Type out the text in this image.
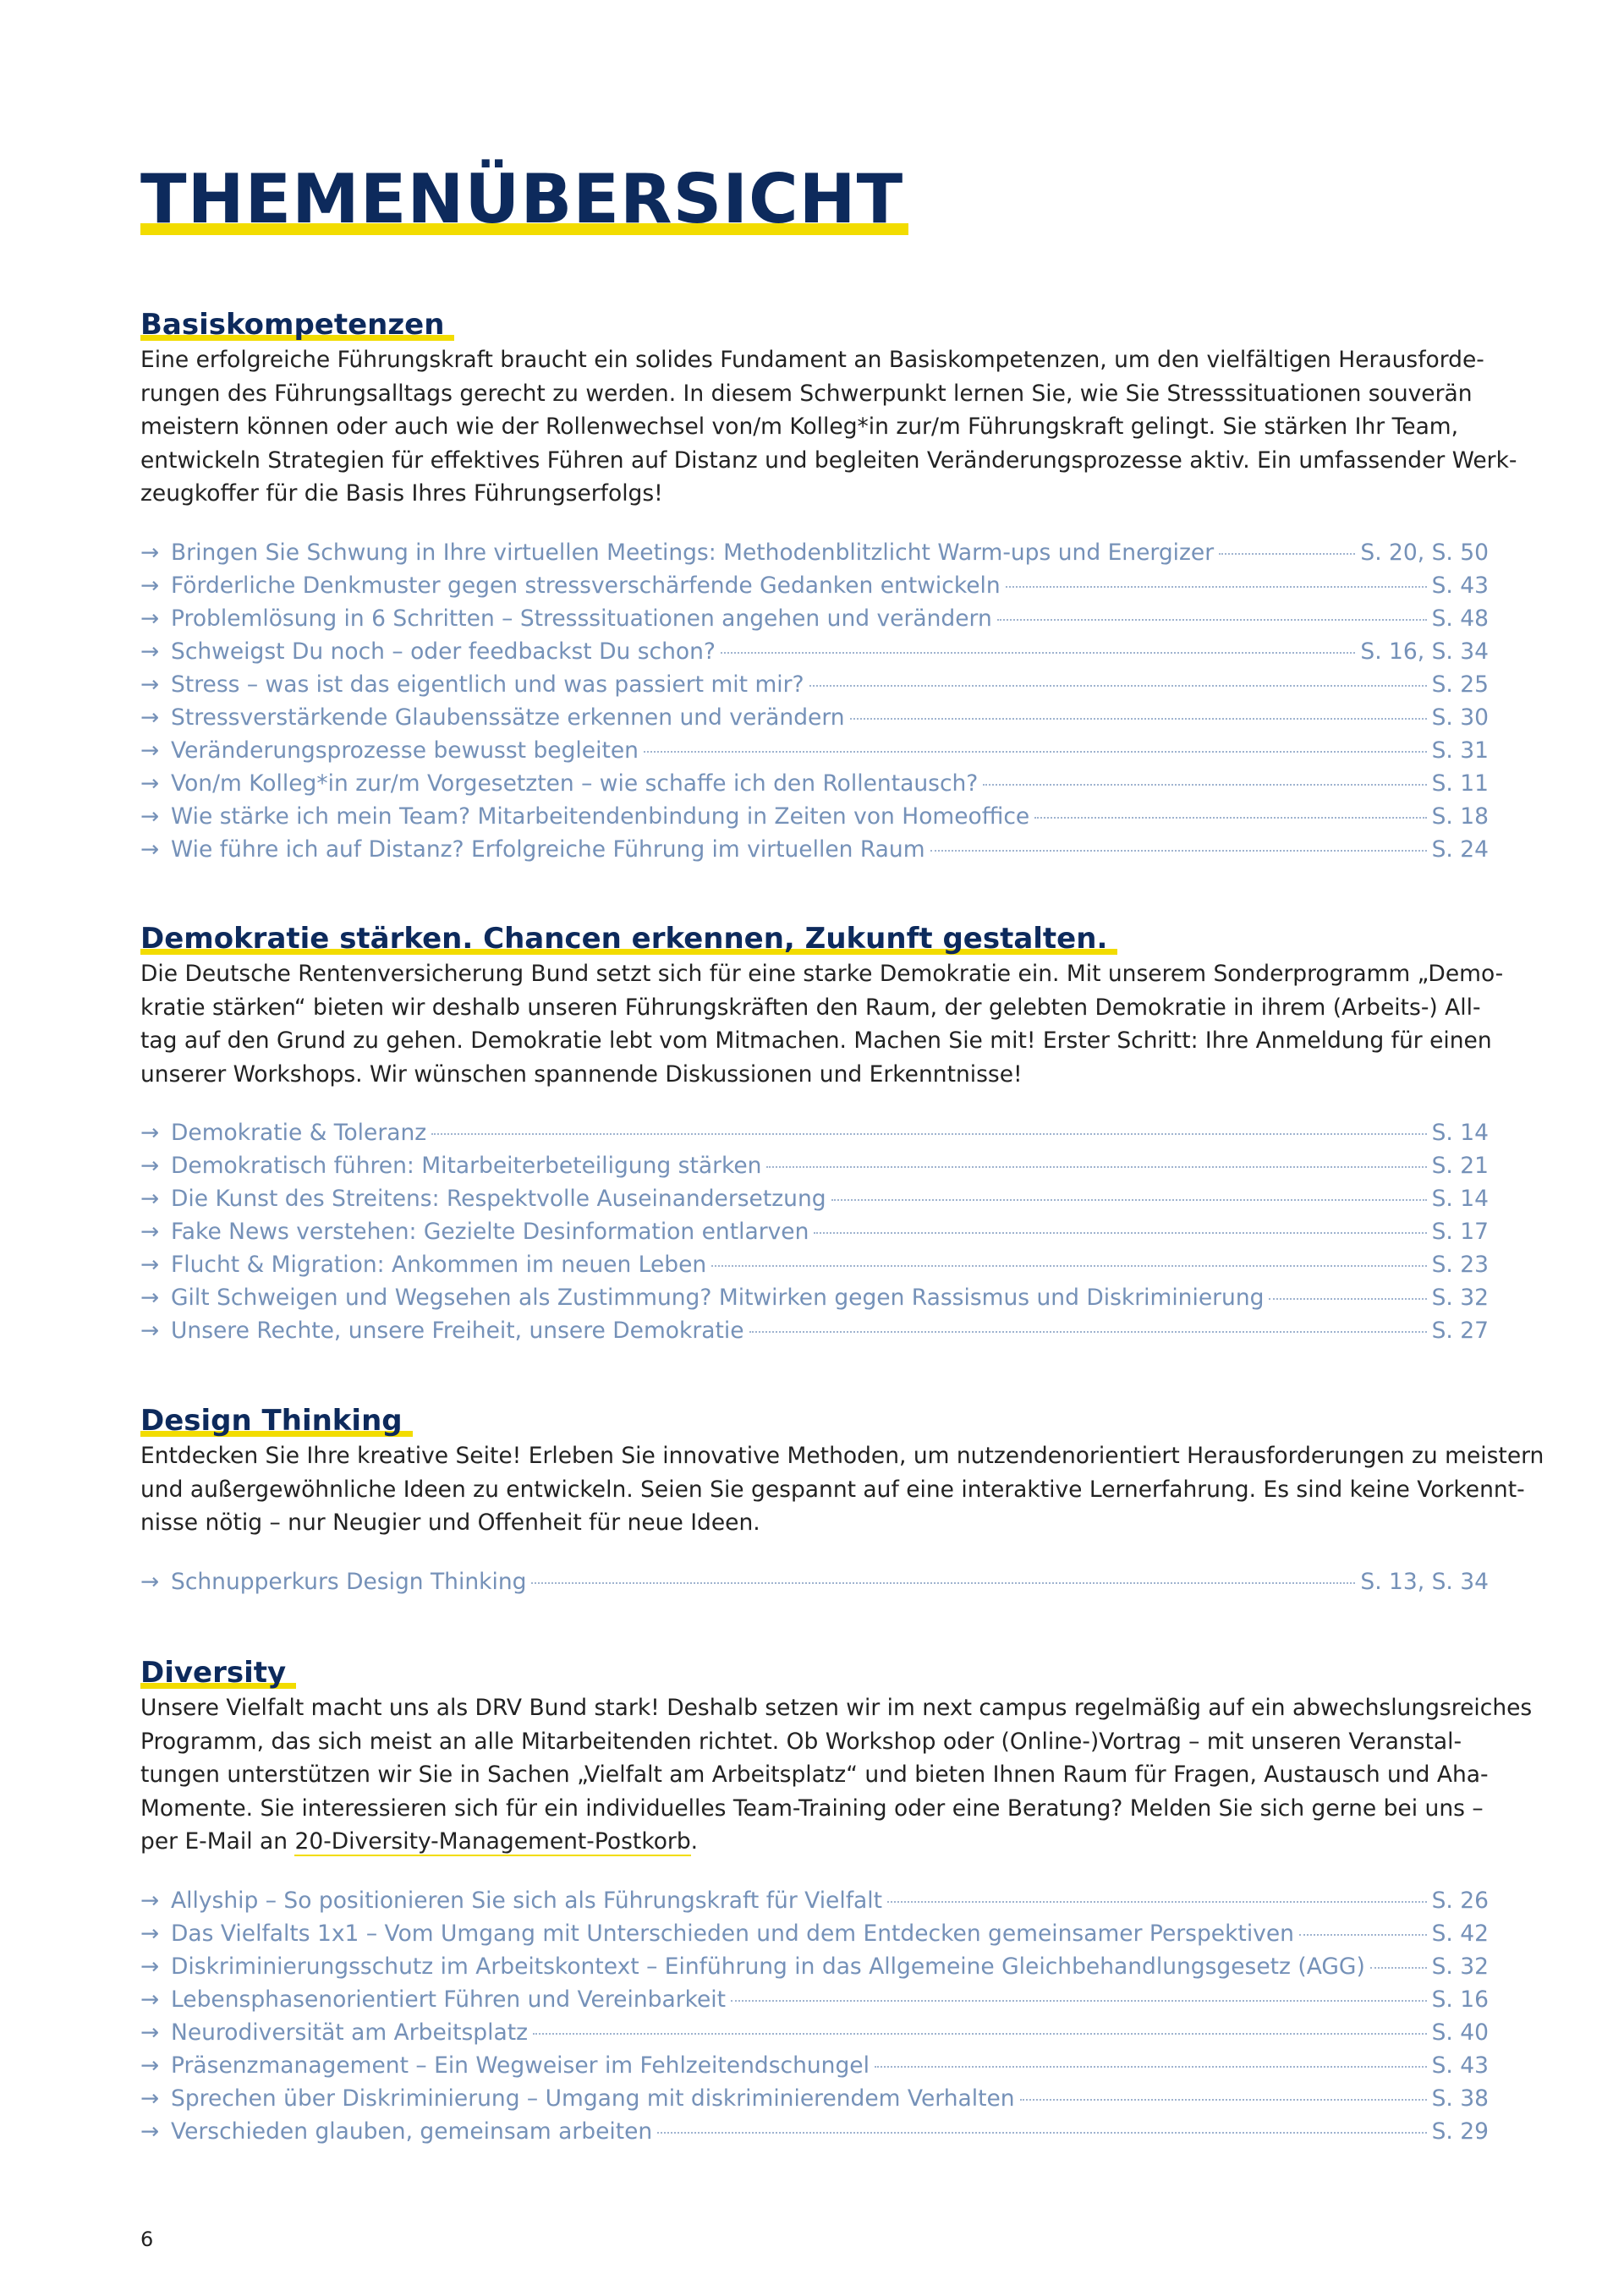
THEMENÜBERSICHT
Basiskompetenzen

Eine erfolgreiche Führungskraft braucht ein solides Fundament an Basiskompetenzen, um den vielfältigen Herausforde-
rungen des Führungsalltags gerecht zu werden. In diesem Schwerpunkt lernen Sie, wie Sie Stresssituationen souverän
meistern können oder auch wie der Rollenwechsel von/m Kolleg*in zur/m Führungskraft gelingt. Sie stärken Ihr Team,
entwickeln Strategien für effektives Führen auf Distanz und begleiten Veränderungsprozesse aktiv. Ein umfassender Werk-
zeugkoffer für die Basis Ihres Führungserfolgs!

→ Bringen Sie Schwung in Ihre virtuellen Meetings: Methodenblitzlicht Warm-ups und Energizer	S. 20, S. 50
→ Förderliche Denkmuster gegen stressverschärfende Gedanken entwickeln	S. 43
→ Problemlösung in 6 Schritten – Stresssituationen angehen und verändern	S. 48
→ Schweigst Du noch – oder feedbackst Du schon?	S. 16, S. 34
→ Stress – was ist das eigentlich und was passiert mit mir?	S. 25
→ Stressverstärkende Glaubenssätze erkennen und verändern	S. 30
→ Veränderungsprozesse bewusst begleiten	S. 31
→ Von/m Kolleg*in zur/m Vorgesetzten – wie schaffe ich den Rollentausch?	S. 11
→ Wie stärke ich mein Team? Mitarbeitendenbindung in Zeiten von Homeoffice	S. 18
→ Wie führe ich auf Distanz? Erfolgreiche Führung im virtuellen Raum	S. 24
Demokratie stärken. Chancen erkennen, Zukunft gestalten.

Die Deutsche Rentenversicherung Bund setzt sich für eine starke Demokratie ein. Mit unserem Sonderprogramm „Demo-
kratie stärken“ bieten wir deshalb unseren Führungskräften den Raum, der gelebten Demokratie in ihrem (Arbeits-) All-
tag auf den Grund zu gehen. Demokratie lebt vom Mitmachen. Machen Sie mit! Erster Schritt: Ihre Anmeldung für einen
unserer Workshops. Wir wünschen spannende Diskussionen und Erkenntnisse!

→ Demokratie & Toleranz	S. 14
→ Demokratisch führen: Mitarbeiterbeteiligung stärken	S. 21
→ Die Kunst des Streitens: Respektvolle Auseinandersetzung	S. 14
→ Fake News verstehen: Gezielte Desinformation entlarven	S. 17
→ Flucht & Migration: Ankommen im neuen Leben	S. 23
→ Gilt Schweigen und Wegsehen als Zustimmung? Mitwirken gegen Rassismus und Diskriminierung	S. 32
→ Unsere Rechte, unsere Freiheit, unsere Demokratie	S. 27
Design Thinking

Entdecken Sie Ihre kreative Seite! Erleben Sie innovative Methoden, um nutzendenorientiert Herausforderungen zu meistern
und außergewöhnliche Ideen zu entwickeln. Seien Sie gespannt auf eine interaktive Lernerfahrung. Es sind keine Vorkennt-
nisse nötig – nur Neugier und Offenheit für neue Ideen.

→ Schnupperkurs Design Thinking	S. 13, S. 34
Diversity

Unsere Vielfalt macht uns als DRV Bund stark! Deshalb setzen wir im next campus regelmäßig auf ein abwechslungsreiches
Programm, das sich meist an alle Mitarbeitenden richtet. Ob Workshop oder (Online-)Vortrag – mit unseren Veranstal-
tungen unterstützen wir Sie in Sachen „Vielfalt am Arbeitsplatz“ und bieten Ihnen Raum für Fragen, Austausch und Aha-
Momente. Sie interessieren sich für ein individuelles Team-Training oder eine Beratung? Melden Sie sich gerne bei uns –
per E-Mail an 20-Diversity-Management-Postkorb.

→ Allyship – So positionieren Sie sich als Führungskraft für Vielfalt	S. 26
→ Das Vielfalts 1x1 – Vom Umgang mit Unterschieden und dem Entdecken gemeinsamer Perspektiven	S. 42
→ Diskriminierungsschutz im Arbeitskontext – Einführung in das Allgemeine Gleichbehandlungsgesetz (AGG)	S. 32
→ Lebensphasenorientiert Führen und Vereinbarkeit	S. 16
→ Neurodiversität am Arbeitsplatz	S. 40
→ Präsenzmanagement – Ein Wegweiser im Fehlzeitendschungel	S. 43
→ Sprechen über Diskriminierung – Umgang mit diskriminierendem Verhalten	S. 38
→ Verschieden glauben, gemeinsam arbeiten	S. 29
6
